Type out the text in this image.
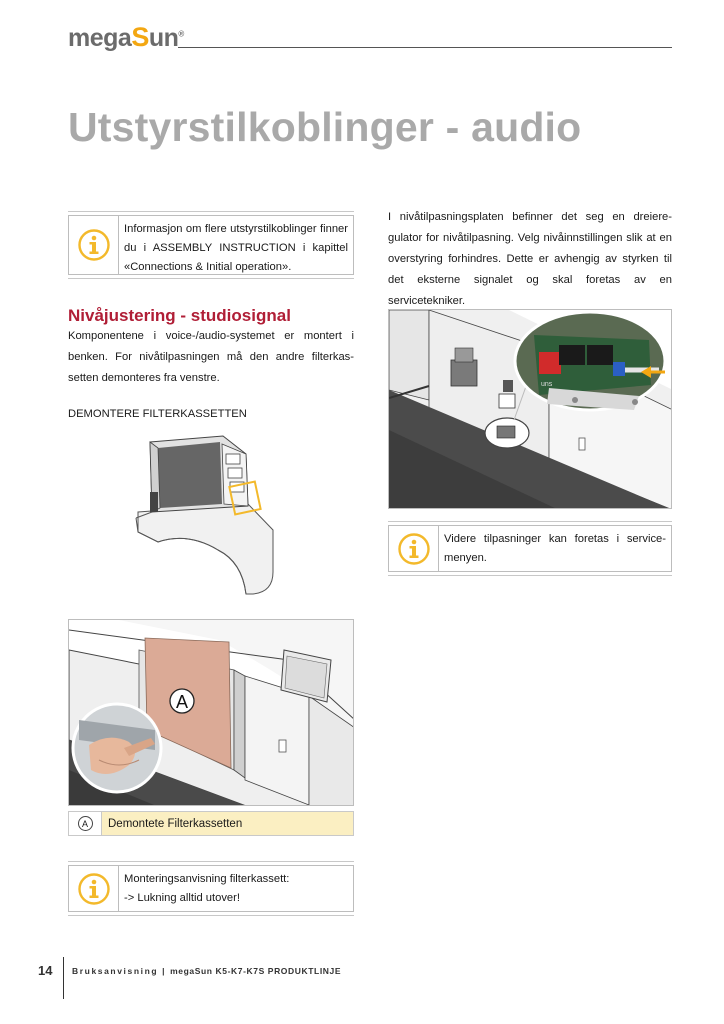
megaSun®
Utstyrstilkoblinger - audio
Informasjon om flere utstyrstilkoblinger finner du i ASSEMBLY INSTRUCTION i kapittel «Connections & Initial operation».
Nivåjustering - studiosignal

Komponentene i voice-/audio-systemet er montert i benken. For nivåtilpasningen må den andre filterkas-setten demonteres fra venstre.

DEMONTERE FILTERKASSETTEN
A
A	Demontete Filterkassetten
Monteringsanvisning filterkassett:
-> Lukning alltid utover!

I nivåtilpasningsplaten befinner det seg en dreiere-gulator for nivåtilpasning. Velg nivåinnstillingen slik at en overstyring forhindres. Dette er avhengig av styrken til det eksterne signalet og skal foretas av en servicetekniker.

uns
Videre tilpasninger kan foretas i service-menyen.
14 Bruksanvisning | megaSun K5-K7-K7S PRODUKTLINJE
